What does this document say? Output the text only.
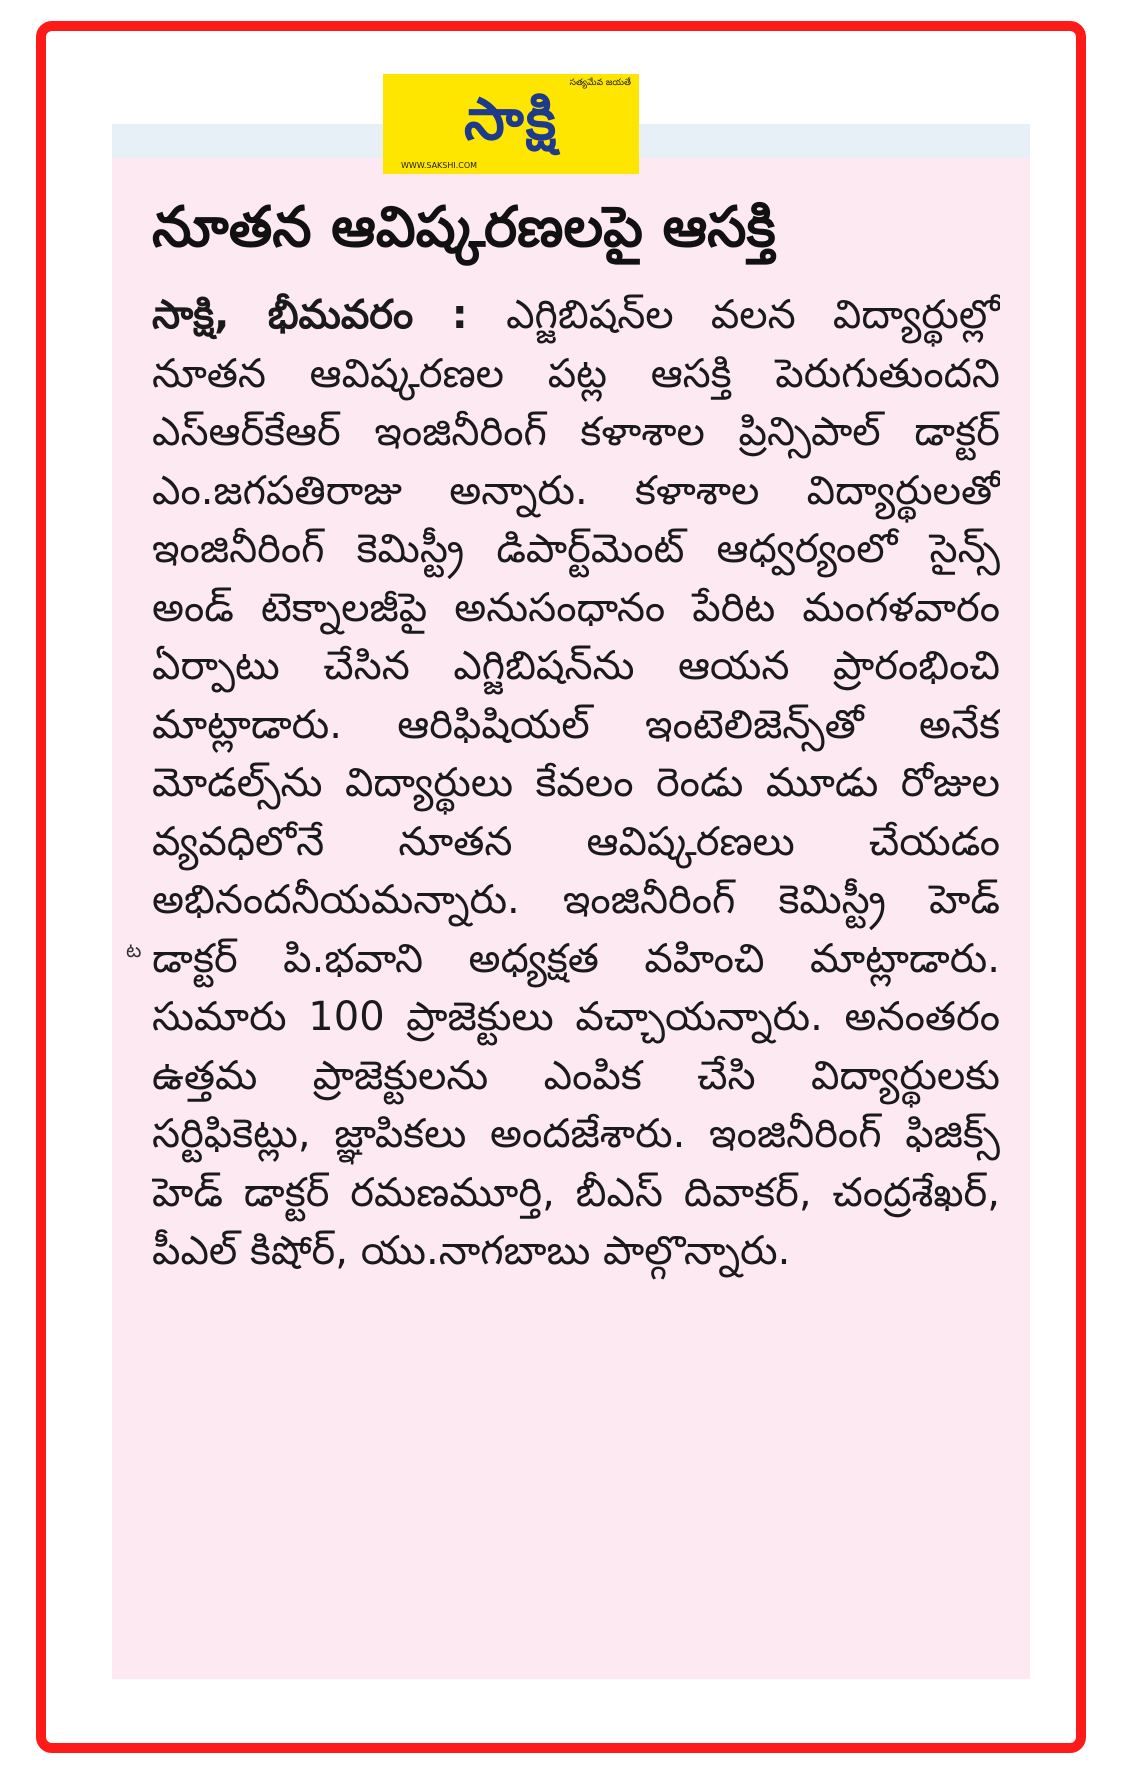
సత్యమేవ జయతే
సాక్షి
WWW.SAKSHI.COM
నూతన ఆవిష్కరణలపై ఆసక్తి
సాక్షి, భీమవరం : ఎగ్జిబిషన్‌ల వలన విద్యార్థుల్లో నూతన ఆవిష్కరణల పట్ల ఆసక్తి పెరుగుతుందని ఎస్‌ఆర్‌కేఆర్ ఇంజినీరింగ్ కళాశాల ప్రిన్సిపాల్ డాక్టర్ ఎం.జగపతిరాజు అన్నారు. కళాశాల విద్యార్థులతో ఇంజినీరింగ్ కెమిస్ట్రీ డిపార్ట్‌మెంట్ ఆధ్వర్యంలో సైన్స్ అండ్ టెక్నాలజీపై అనుసంధానం పేరిట మంగళవారం ఏర్పాటు చేసిన ఎగ్జిబిషన్‌ను ఆయన ప్రారంభించి మాట్లాడారు. ఆరిఫిషియల్ ఇంటెలిజెన్స్‌తో అనేక మోడల్స్‌ను విద్యార్థులు కేవలం రెండు మూడు రోజుల వ్యవధిలోనే నూతన ఆవిష్కరణలు చేయడం అభినందనీయమన్నారు. ఇంజినీరింగ్ కెమిస్ట్రీ హెడ్ డాక్టర్ పి.భవాని అధ్యక్షత వహించి మాట్లాడారు. సుమారు 100 ప్రాజెక్టులు వచ్చాయన్నారు. అనంతరం ఉత్తమ ప్రాజెక్టులను ఎంపిక చేసి విద్యార్థులకు సర్టిఫికెట్లు, జ్ఞాపికలు అందజేశారు. ఇంజినీరింగ్ ఫిజిక్స్ హెడ్ డాక్టర్ రమణమూర్తి, బీఎస్ దివాకర్, చంద్రశేఖర్, పీఎల్ కిషోర్, యు.నాగబాబు పాల్గొన్నారు.
ట
